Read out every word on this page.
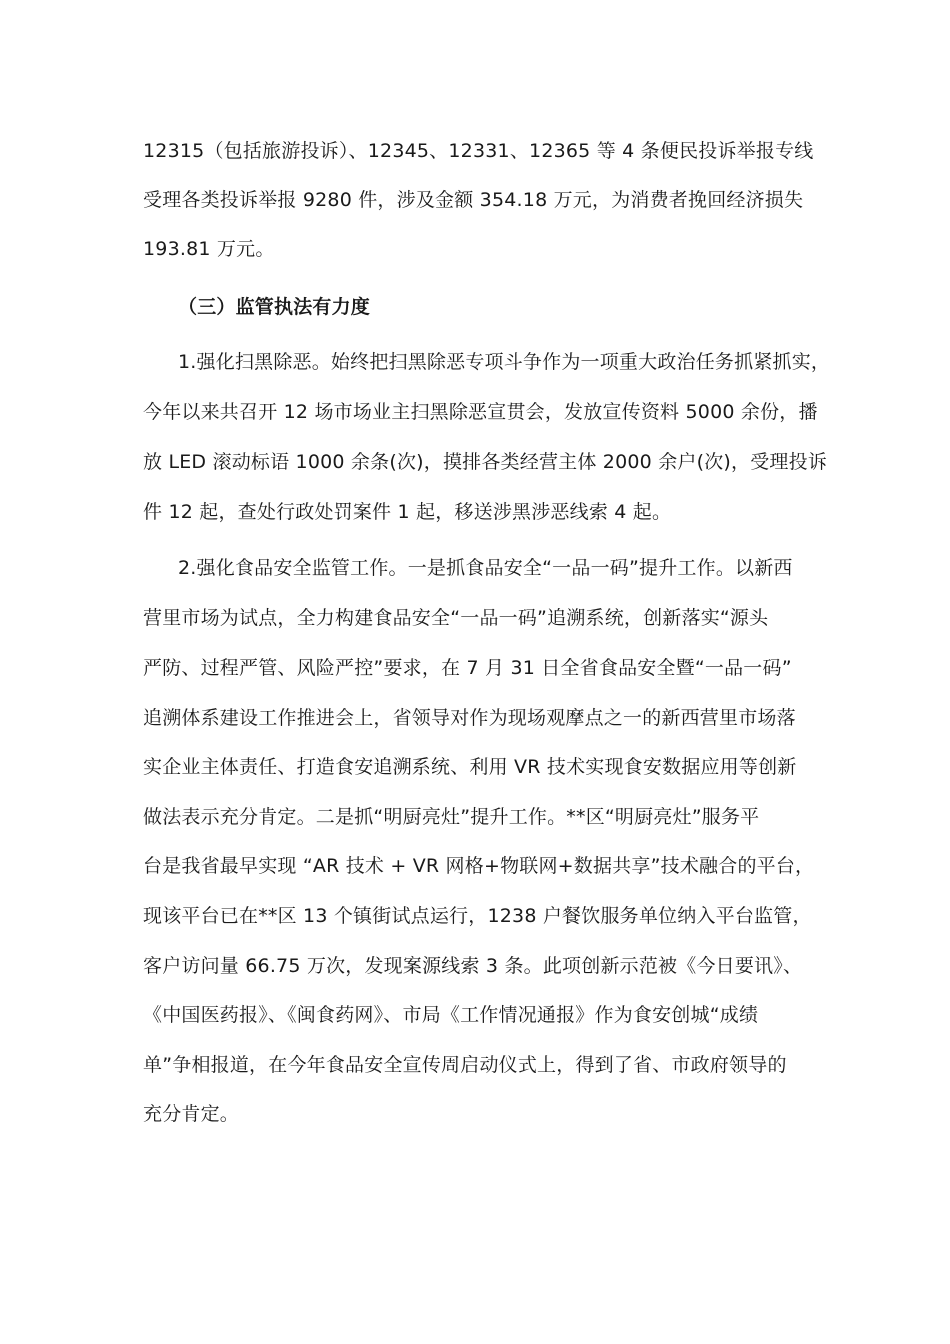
12315（包括旅游投诉）、12345、12331、12365 等 4 条便民投诉举报专线
受理各类投诉举报 9280 件，涉及金额 354.18 万元，为消费者挽回经济损失
193.81 万元。
（三）监管执法有力度
1.强化扫黑除恶。始终把扫黑除恶专项斗争作为一项重大政治任务抓紧抓实，
今年以来共召开 12 场市场业主扫黑除恶宣贯会，发放宣传资料 5000 余份，播
放 LED 滚动标语 1000 余条(次)，摸排各类经营主体 2000 余户(次)，受理投诉
件 12 起，查处行政处罚案件 1 起，移送涉黑涉恶线索 4 起。
2.强化食品安全监管工作。一是抓食品安全“一品一码”提升工作。以新西
营里市场为试点，全力构建食品安全“一品一码”追溯系统，创新落实“源头
严防、过程严管、风险严控”要求，在 7 月 31 日全省食品安全暨“一品一码”
追溯体系建设工作推进会上，省领导对作为现场观摩点之一的新西营里市场落
实企业主体责任、打造食安追溯系统、利用 VR 技术实现食安数据应用等创新
做法表示充分肯定。二是抓“明厨亮灶”提升工作。**区“明厨亮灶”服务平
台是我省最早实现 “AR 技术 + VR 网格+物联网+数据共享”技术融合的平台，
现该平台已在**区 13 个镇街试点运行，1238 户餐饮服务单位纳入平台监管，
客户访问量 66.75 万次，发现案源线索 3 条。此项创新示范被《今日要讯》、
《中国医药报》、《闽食药网》、市局《工作情况通报》作为食安创城“成绩
单”争相报道，在今年食品安全宣传周启动仪式上，得到了省、市政府领导的
充分肯定。
